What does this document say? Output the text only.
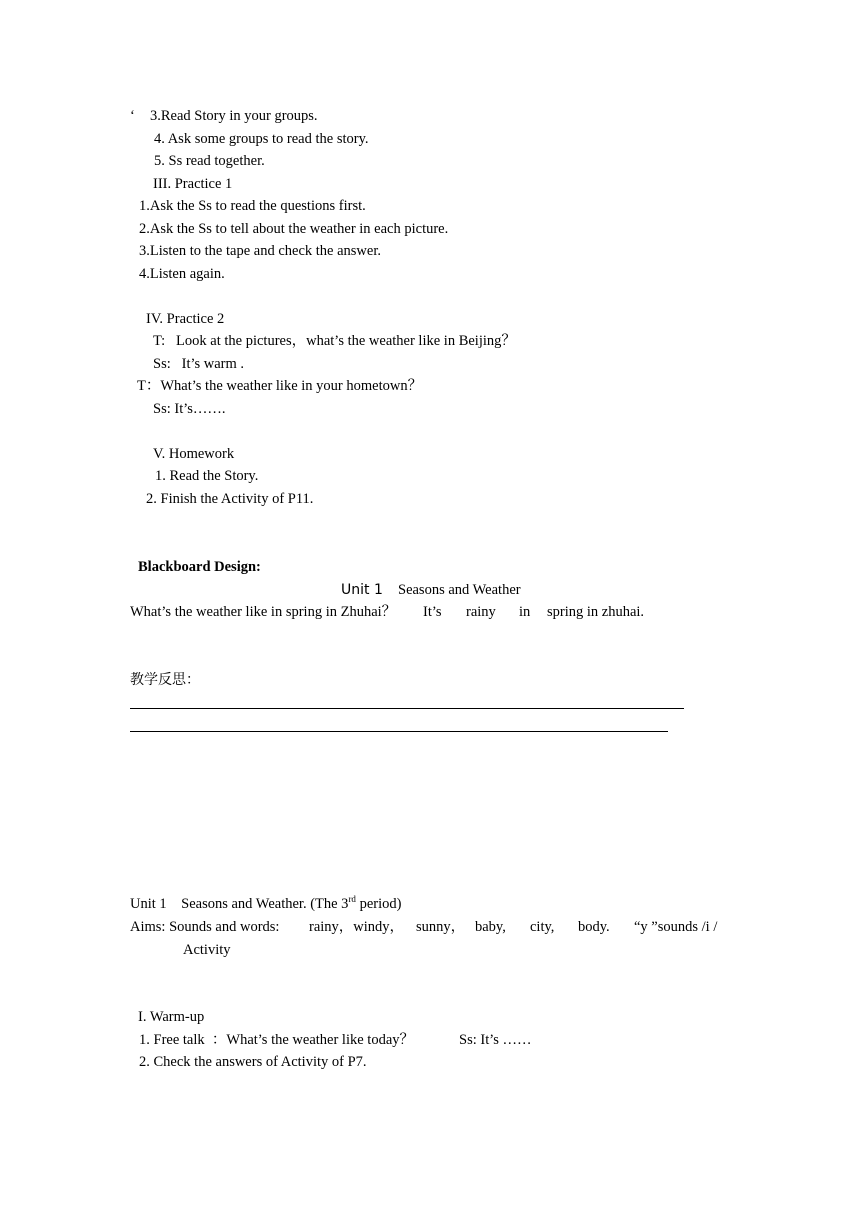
‘ 3.Read Story in your groups.
4. Ask some groups to read the story.
5. Ss read together.
III. Practice 1
1.Ask the Ss to read the questions first.
2.Ask the Ss to tell about the weather in each picture.
3.Listen to the tape and check the answer.
4.Listen again.
IV. Practice 2
T:   Look at the pictures，what’s the weather like in Beijing？
Ss:   It’s warm .
T：What’s the weather like in your hometown？
Ss: It’s…….
V. Homework
1. Read the Story.
2. Finish the Activity of P11.
Blackboard Design:
Unit 1 Seasons and Weather
What’s the weather like in spring in Zhuhai？ It’s rainy in spring in zhuhai.
教学反思：
Unit 1    Seasons and Weather. (The 3rd period)
Aims: Sounds and words: rainy，windy， sunny， baby, city, body. “y ”sounds /i /
Activity
I. Warm-up
1. Free talk  ：What’s the weather like today？	Ss: It’s ……
2. Check the answers of Activity of P7.
